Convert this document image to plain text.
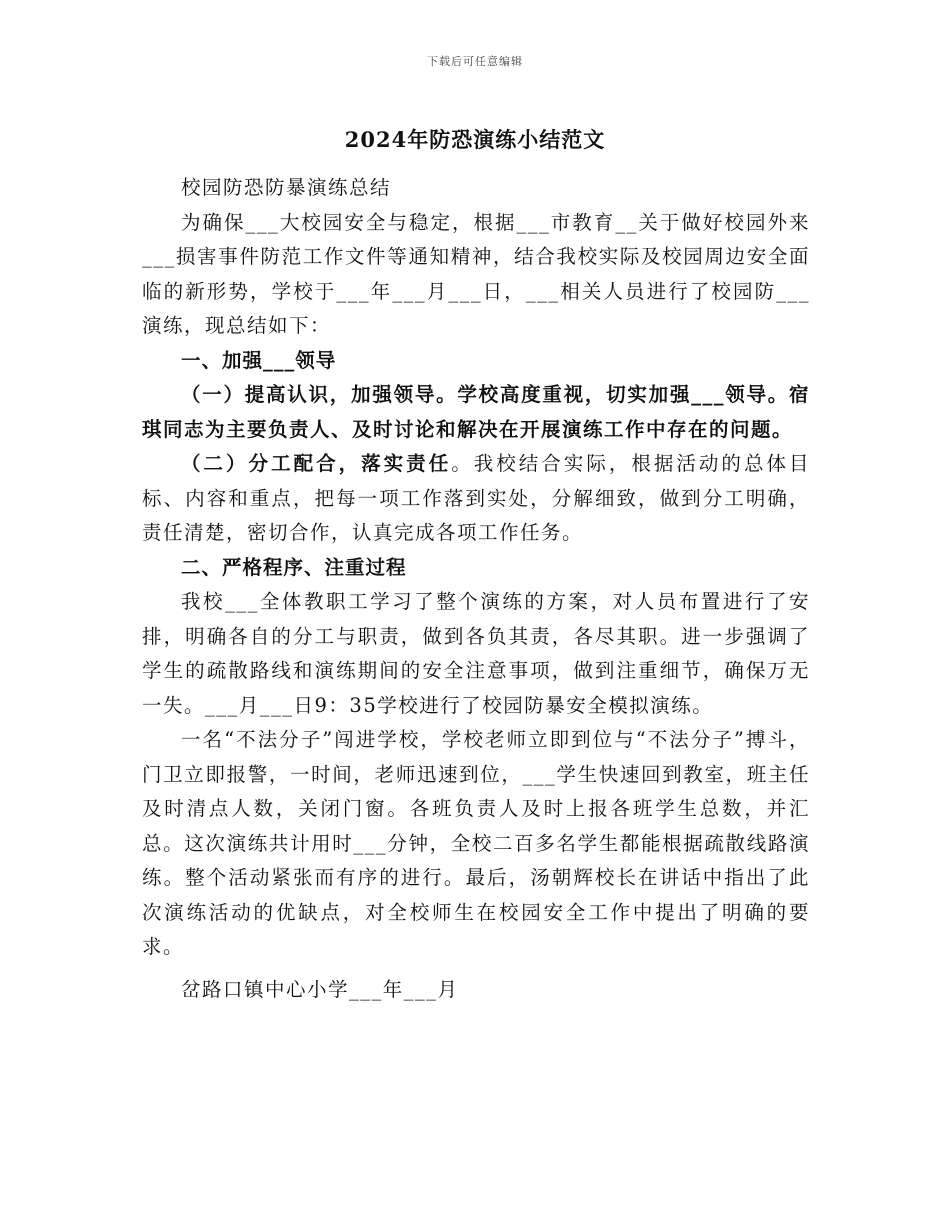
下载后可任意编辑
2024年防恐演练小结范文

校园防恐防暴演练总结

为确保___大校园安全与稳定，根据___市教育__关于做好校园外来___损害事件防范工作文件等通知精神，结合我校实际及校园周边安全面临的新形势，学校于___年___月___日，___相关人员进行了校园防___演练，现总结如下：

一、加强___领导

（一）提高认识，加强领导。学校高度重视，切实加强___领导。宿琪同志为主要负责人、及时讨论和解决在开展演练工作中存在的问题。

（二）分工配合，落实责任。我校结合实际，根据活动的总体目标、内容和重点，把每一项工作落到实处，分解细致，做到分工明确，责任清楚，密切合作，认真完成各项工作任务。

二、严格程序、注重过程

我校___全体教职工学习了整个演练的方案，对人员布置进行了安排，明确各自的分工与职责，做到各负其责，各尽其职。进一步强调了学生的疏散路线和演练期间的安全注意事项，做到注重细节，确保万无一失。___月___日9：35学校进行了校园防暴安全模拟演练。

一名“不法分子”闯进学校，学校老师立即到位与“不法分子”搏斗，门卫立即报警，一时间，老师迅速到位，___学生快速回到教室，班主任及时清点人数，关闭门窗。各班负责人及时上报各班学生总数，并汇总。这次演练共计用时___分钟，全校二百多名学生都能根据疏散线路演练。整个活动紧张而有序的进行。最后，汤朝辉校长在讲话中指出了此次演练活动的优缺点，对全校师生在校园安全工作中提出了明确的要求。

岔路口镇中心小学___年___月
